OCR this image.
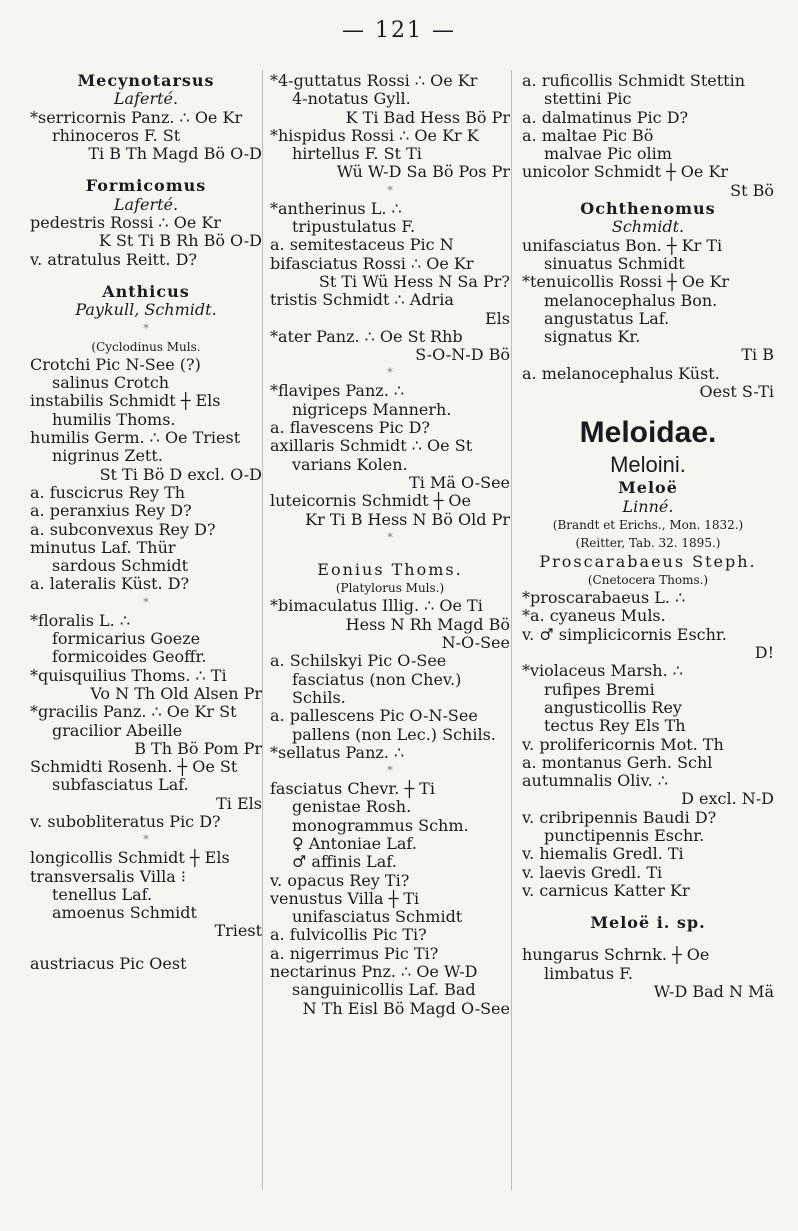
— 121 —
Mecynotarsus
Laferté.
*serricornis Panz. ∴ Oe Kr
rhinoceros F. St
Ti B Th Magd Bö O-D
Formicomus
Laferté.
pedestris Rossi ∴ Oe Kr
K St Ti B Rh Bö O-D
v. atratulus Reitt. D?
Anthicus
Paykull, Schmidt.
*
(Cyclodinus Muls.
Crotchi Pic N-See (?)
salinus Crotch
instabilis Schmidt ┼ Els
humilis Thoms.
humilis Germ. ∴ Oe Triest
nigrinus Zett.
St Ti Bö D excl. O-D
a. fuscicrus Rey Th
a. peranxius Rey D?
a. subconvexus Rey D?
minutus Laf. Thür
sardous Schmidt
a. lateralis Küst. D?
*
*floralis L. ∴
formicarius Goeze
formicoides Geoffr.
*quisquilius Thoms. ∴ Ti
Vo N Th Old Alsen Pr
*gracilis Panz. ∴ Oe Kr St
gracilior Abeille
B Th Bö Pom Pr
Schmidti Rosenh. ┼ Oe St
subfasciatus Laf.
Ti Els
v. subobliteratus Pic D?
*
longicollis Schmidt ┼ Els
transversalis Villa ⁝
tenellus Laf.
amoenus Schmidt
Triest
austriacus Pic Oest
*4-guttatus Rossi ∴ Oe Kr
4-notatus Gyll.
K Ti Bad Hess Bö Pr
*hispidus Rossi ∴ Oe Kr K
hirtellus F. St Ti
Wü W-D Sa Bö Pos Pr
*
*antherinus L. ∴
tripustulatus F.
a. semitestaceus Pic N
bifasciatus Rossi ∴ Oe Kr
St Ti Wü Hess N Sa Pr?
tristis Schmidt ∴ Adria
Els
*ater Panz. ∴ Oe St Rhb
S-O-N-D Bö
*
*flavipes Panz. ∴
nigriceps Mannerh.
a. flavescens Pic D?
axillaris Schmidt ∴ Oe St
varians Kolen.
Ti Mä O-See
luteicornis Schmidt ┼ Oe
Kr Ti B Hess N Bö Old Pr
*
Eonius Thoms.
(Platylorus Muls.)
*bimaculatus Illig. ∴ Oe Ti
Hess N Rh Magd Bö
N-O-See
a. Schilskyi Pic O-See
fasciatus (non Chev.)
Schils.
a. pallescens Pic O-N-See
pallens (non Lec.) Schils.
*sellatus Panz. ∴
*
fasciatus Chevr. ┼ Ti
genistae Rosh.
monogrammus Schm.
♀ Antoniae Laf.
♂ affinis Laf.
v. opacus Rey Ti?
venustus Villa ┼ Ti
unifasciatus Schmidt
a. fulvicollis Pic Ti?
a. nigerrimus Pic Ti?
nectarinus Pnz. ∴ Oe W-D
sanguinicollis Laf. Bad
N Th Eisl Bö Magd O-See
a. ruficollis Schmidt Stettin
stettini Pic
a. dalmatinus Pic D?
a. maltae Pic Bö
malvae Pic olim
unicolor Schmidt ┼ Oe Kr
St Bö
Ochthenomus
Schmidt.
unifasciatus Bon. ┼ Kr Ti
sinuatus Schmidt
*tenuicollis Rossi ┼ Oe Kr
melanocephalus Bon.
angustatus Laf.
signatus Kr.
Ti B
a. melanocephalus Küst.
Oest S-Ti
Meloidae.
Meloini.
Meloë
Linné.
(Brandt et Erichs., Mon. 1832.)
(Reitter, Tab. 32. 1895.)
Proscarabaeus Steph.
(Cnetocera Thoms.)
*proscarabaeus L. ∴
*a. cyaneus Muls.
v. ♂ simplicicornis Eschr.
D!
*violaceus Marsh. ∴
rufipes Bremi
angusticollis Rey
tectus Rey Els Th
v. prolifericornis Mot. Th
a. montanus Gerh. Schl
autumnalis Oliv. ∴
D excl. N-D
v. cribripennis Baudi D?
punctipennis Eschr.
v. hiemalis Gredl. Ti
v. laevis Gredl. Ti
v. carnicus Katter Kr
Meloë i. sp.
hungarus Schrnk. ┼ Oe
limbatus F.
W-D Bad N Mä
